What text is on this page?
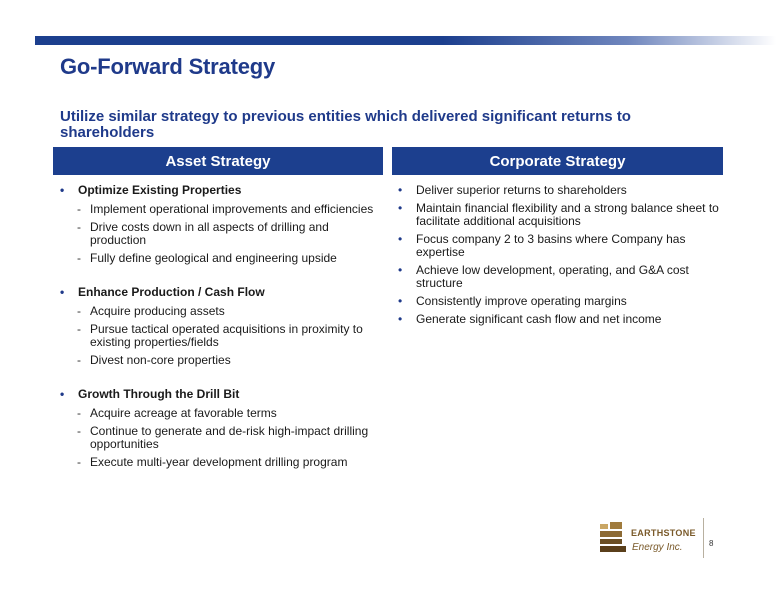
Go-Forward Strategy
Utilize similar strategy to previous entities which delivered significant returns to shareholders
Asset Strategy	Corporate Strategy
• Optimize Existing Properties
- Implement operational improvements and efficiencies
- Drive costs down in all aspects of drilling and production
- Fully define geological and engineering upside
• Enhance Production / Cash Flow
- Acquire producing assets
- Pursue tactical operated acquisitions in proximity to existing properties/fields
- Divest non-core properties
• Growth Through the Drill Bit
- Acquire acreage at favorable terms
- Continue to generate and de-risk high-impact drilling opportunities
- Execute multi-year development drilling program
• Deliver superior returns to shareholders
• Maintain financial flexibility and a strong balance sheet to facilitate additional acquisitions
• Focus company 2 to 3 basins where Company has expertise
• Achieve low development, operating, and G&A cost structure
• Consistently improve operating margins
• Generate significant cash flow and net income
EARTHSTONE
Energy Inc.	8
